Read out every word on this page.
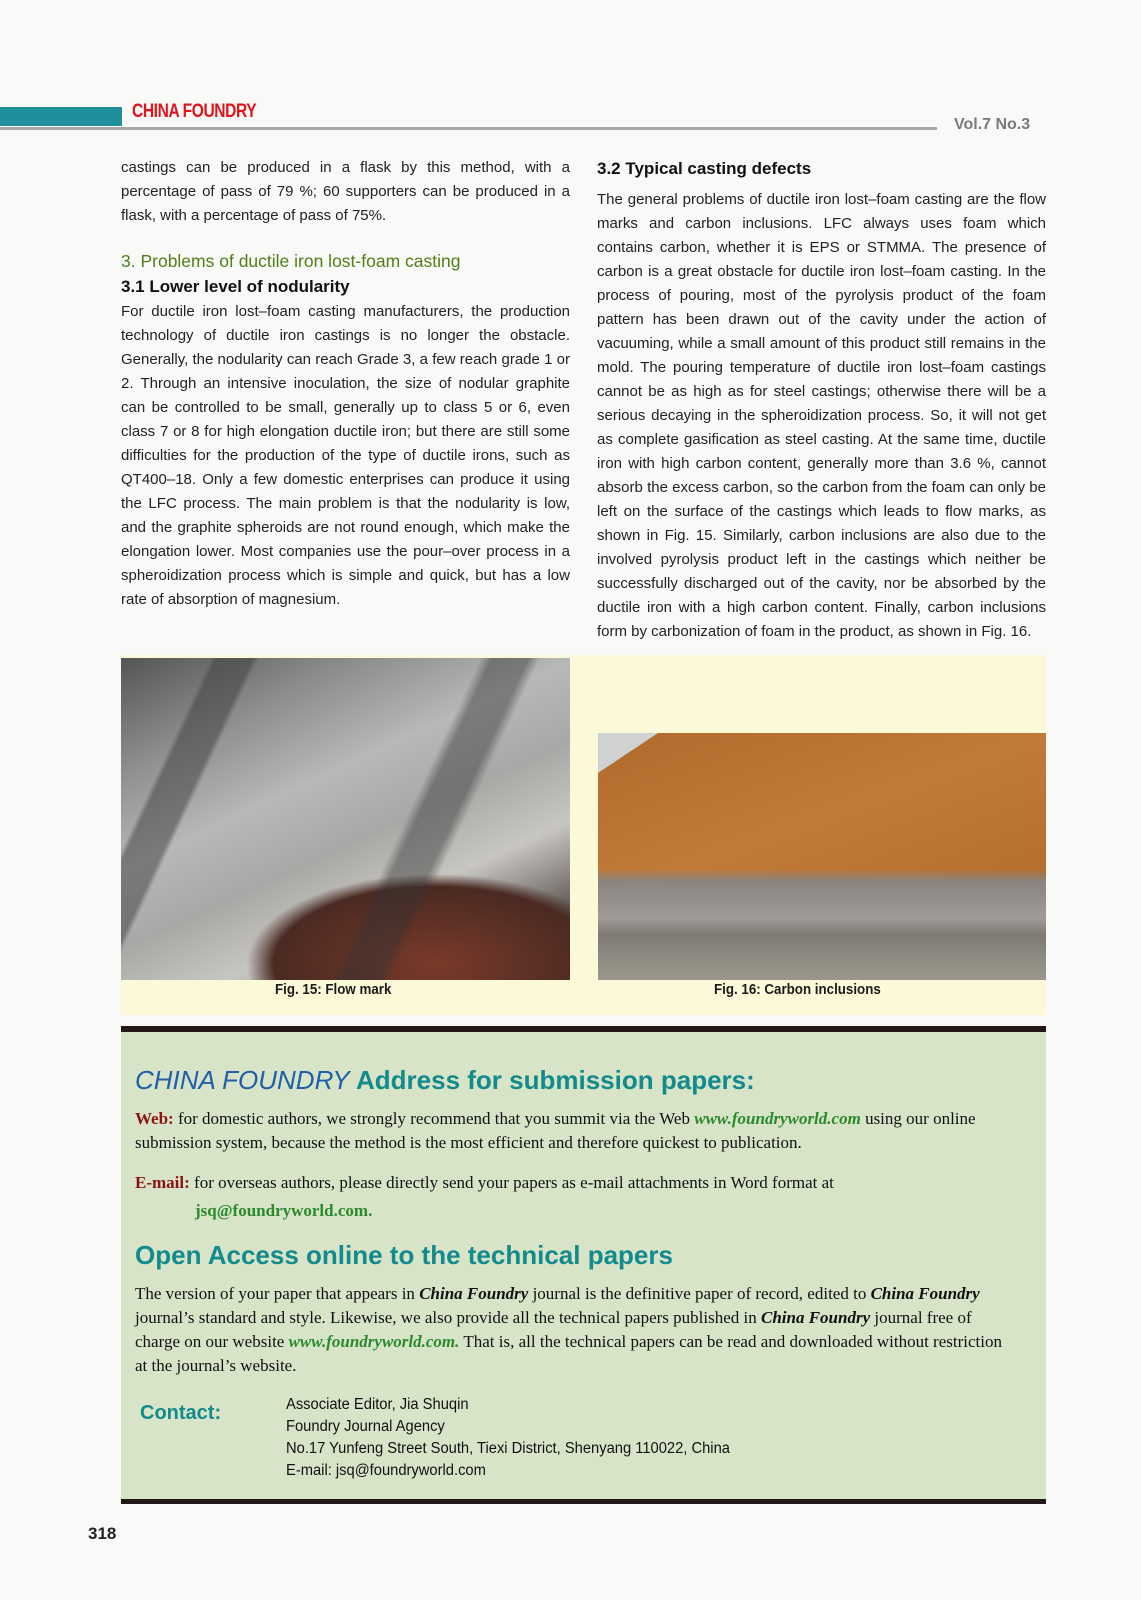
CHINA FOUNDRY
Vol.7 No.3

castings can be produced in a flask by this method, with a percentage of pass of 79 %; 60 supporters can be produced in a flask, with a percentage of pass of 75%.

3. Problems of ductile iron lost-foam casting

3.1 Lower level of nodularity

For ductile iron lost–foam casting manufacturers, the production technology of ductile iron castings is no longer the obstacle. Generally, the nodularity can reach Grade 3, a few reach grade 1 or 2. Through an intensive inoculation, the size of nodular graphite can be controlled to be small, generally up to class 5 or 6, even class 7 or 8 for high elongation ductile iron; but there are still some difficulties for the production of the type of ductile irons, such as QT400–18. Only a few domestic enterprises can produce it using the LFC process. The main problem is that the nodularity is low, and the graphite spheroids are not round enough, which make the elongation lower. Most companies use the pour–over process in a spheroidization process which is simple and quick, but has a low rate of absorption of magnesium.

3.2 Typical casting defects

The general problems of ductile iron lost–foam casting are the flow marks and carbon inclusions. LFC always uses foam which contains carbon, whether it is EPS or STMMA. The presence of carbon is a great obstacle for ductile iron lost–foam casting. In the process of pouring, most of the pyrolysis product of the foam pattern has been drawn out of the cavity under the action of vacuuming, while a small amount of this product still remains in the mold. The pouring temperature of ductile iron lost–foam castings cannot be as high as for steel castings; otherwise there will be a serious decaying in the spheroidization process. So, it will not get as complete gasification as steel casting. At the same time, ductile iron with high carbon content, generally more than 3.6 %, cannot absorb the excess carbon, so the carbon from the foam can only be left on the surface of the castings which leads to flow marks, as shown in Fig. 15. Similarly, carbon inclusions are also due to the involved pyrolysis product left in the castings which neither be successfully discharged out of the cavity, nor be absorbed by the ductile iron with a high carbon content. Finally, carbon inclusions form by carbonization of foam in the product, as shown in Fig. 16.

Fig. 15: Flow mark	Fig. 16: Carbon inclusions
CHINA FOUNDRY Address for submission papers:
Web: for domestic authors, we strongly recommend that you summit via the Web www.foundryworld.com using our online submission system, because the method is the most efficient and therefore quickest to publication.
E-mail: for overseas authors, please directly send your papers as e-mail attachments in Word format at
jsq@foundryworld.com.
Open Access online to the technical papers
The version of your paper that appears in China Foundry journal is the definitive paper of record, edited to China Foundry journal’s standard and style. Likewise, we also provide all the technical papers published in China Foundry journal free of charge on our website www.foundryworld.com. That is, all the technical papers can be read and downloaded without restriction at the journal’s website.
Contact:	Associate Editor, Jia Shuqin
Foundry Journal Agency
No.17 Yunfeng Street South, Tiexi District, Shenyang 110022, China
E-mail: jsq@foundryworld.com
318
